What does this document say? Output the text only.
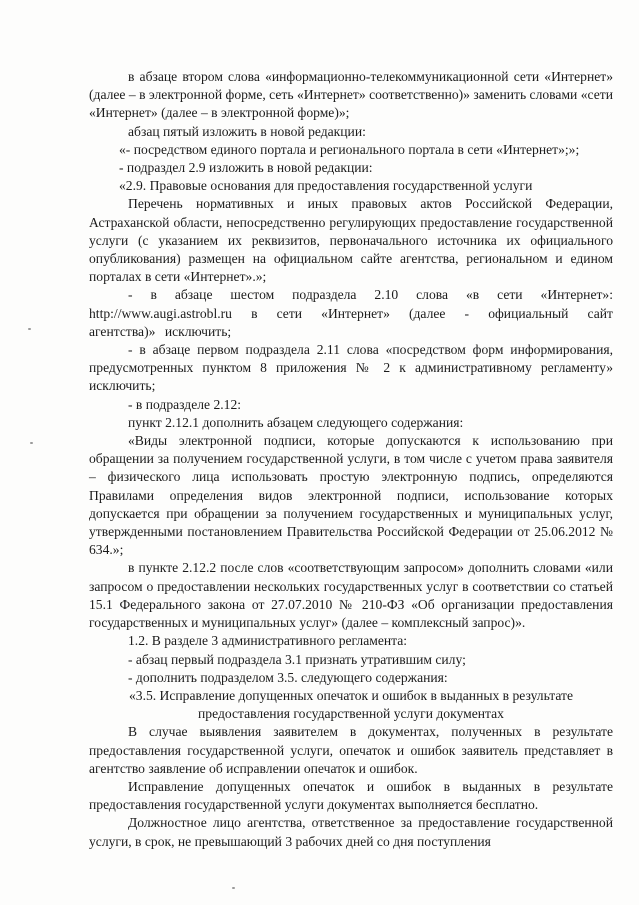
в абзаце втором слова «информационно-телекоммуникационной сети «Интернет» (далее – в электронной форме, сеть «Интернет» соответственно)» заменить словами «сети «Интернет» (далее – в электронной форме)»;

абзац пятый изложить в новой редакции:

«- посредством единого портала и регионального портала в сети «Интернет»;»;

- подраздел 2.9 изложить в новой редакции:

«2.9. Правовые основания для предоставления государственной услуги

Перечень нормативных и иных правовых актов Российской Федерации, Астраханской области, непосредственно регулирующих предоставление государственной услуги (с указанием их реквизитов, первоначального источника их официального опубликования) размещен на официальном сайте агентства, региональном и едином порталах в сети «Интернет».»;

- в абзаце шестом подраздела 2.10 слова «в сети «Интернет»: http://www.augi.astrobl.ru в сети «Интернет» (далее - официальный сайт агентства)» исключить;

- в абзаце первом подраздела 2.11 слова «посредством форм информирования, предусмотренных пунктом 8 приложения № 2 к административному регламенту» исключить;

- в подразделе 2.12:

пункт 2.12.1 дополнить абзацем следующего содержания:

«Виды электронной подписи, которые допускаются к использованию при обращении за получением государственной услуги, в том числе с учетом права заявителя – физического лица использовать простую электронную подпись, определяются Правилами определения видов электронной подписи, использование которых допускается при обращении за получением государственных и муниципальных услуг, утвержденными постановлением Правительства Российской Федерации от 25.06.2012 № 634.»;

в пункте 2.12.2 после слов «соответствующим запросом» дополнить словами «или запросом о предоставлении нескольких государственных услуг в соответствии со статьей 15.1 Федерального закона от 27.07.2010 № 210-ФЗ «Об организации предоставления государственных и муниципальных услуг» (далее – комплексный запрос)».

1.2. В разделе 3 административного регламента:

- абзац первый подраздела 3.1 признать утратившим силу;

- дополнить подразделом 3.5. следующего содержания:

«3.5. Исправление допущенных опечаток и ошибок в выданных в результате предоставления государственной услуги документах

В случае выявления заявителем в документах, полученных в результате предоставления государственной услуги, опечаток и ошибок заявитель представляет в агентство заявление об исправлении опечаток и ошибок.

Исправление допущенных опечаток и ошибок в выданных в результате предоставления государственной услуги документах выполняется бесплатно.

Должностное лицо агентства, ответственное за предоставление государственной услуги, в срок, не превышающий 3 рабочих дней со дня поступления
